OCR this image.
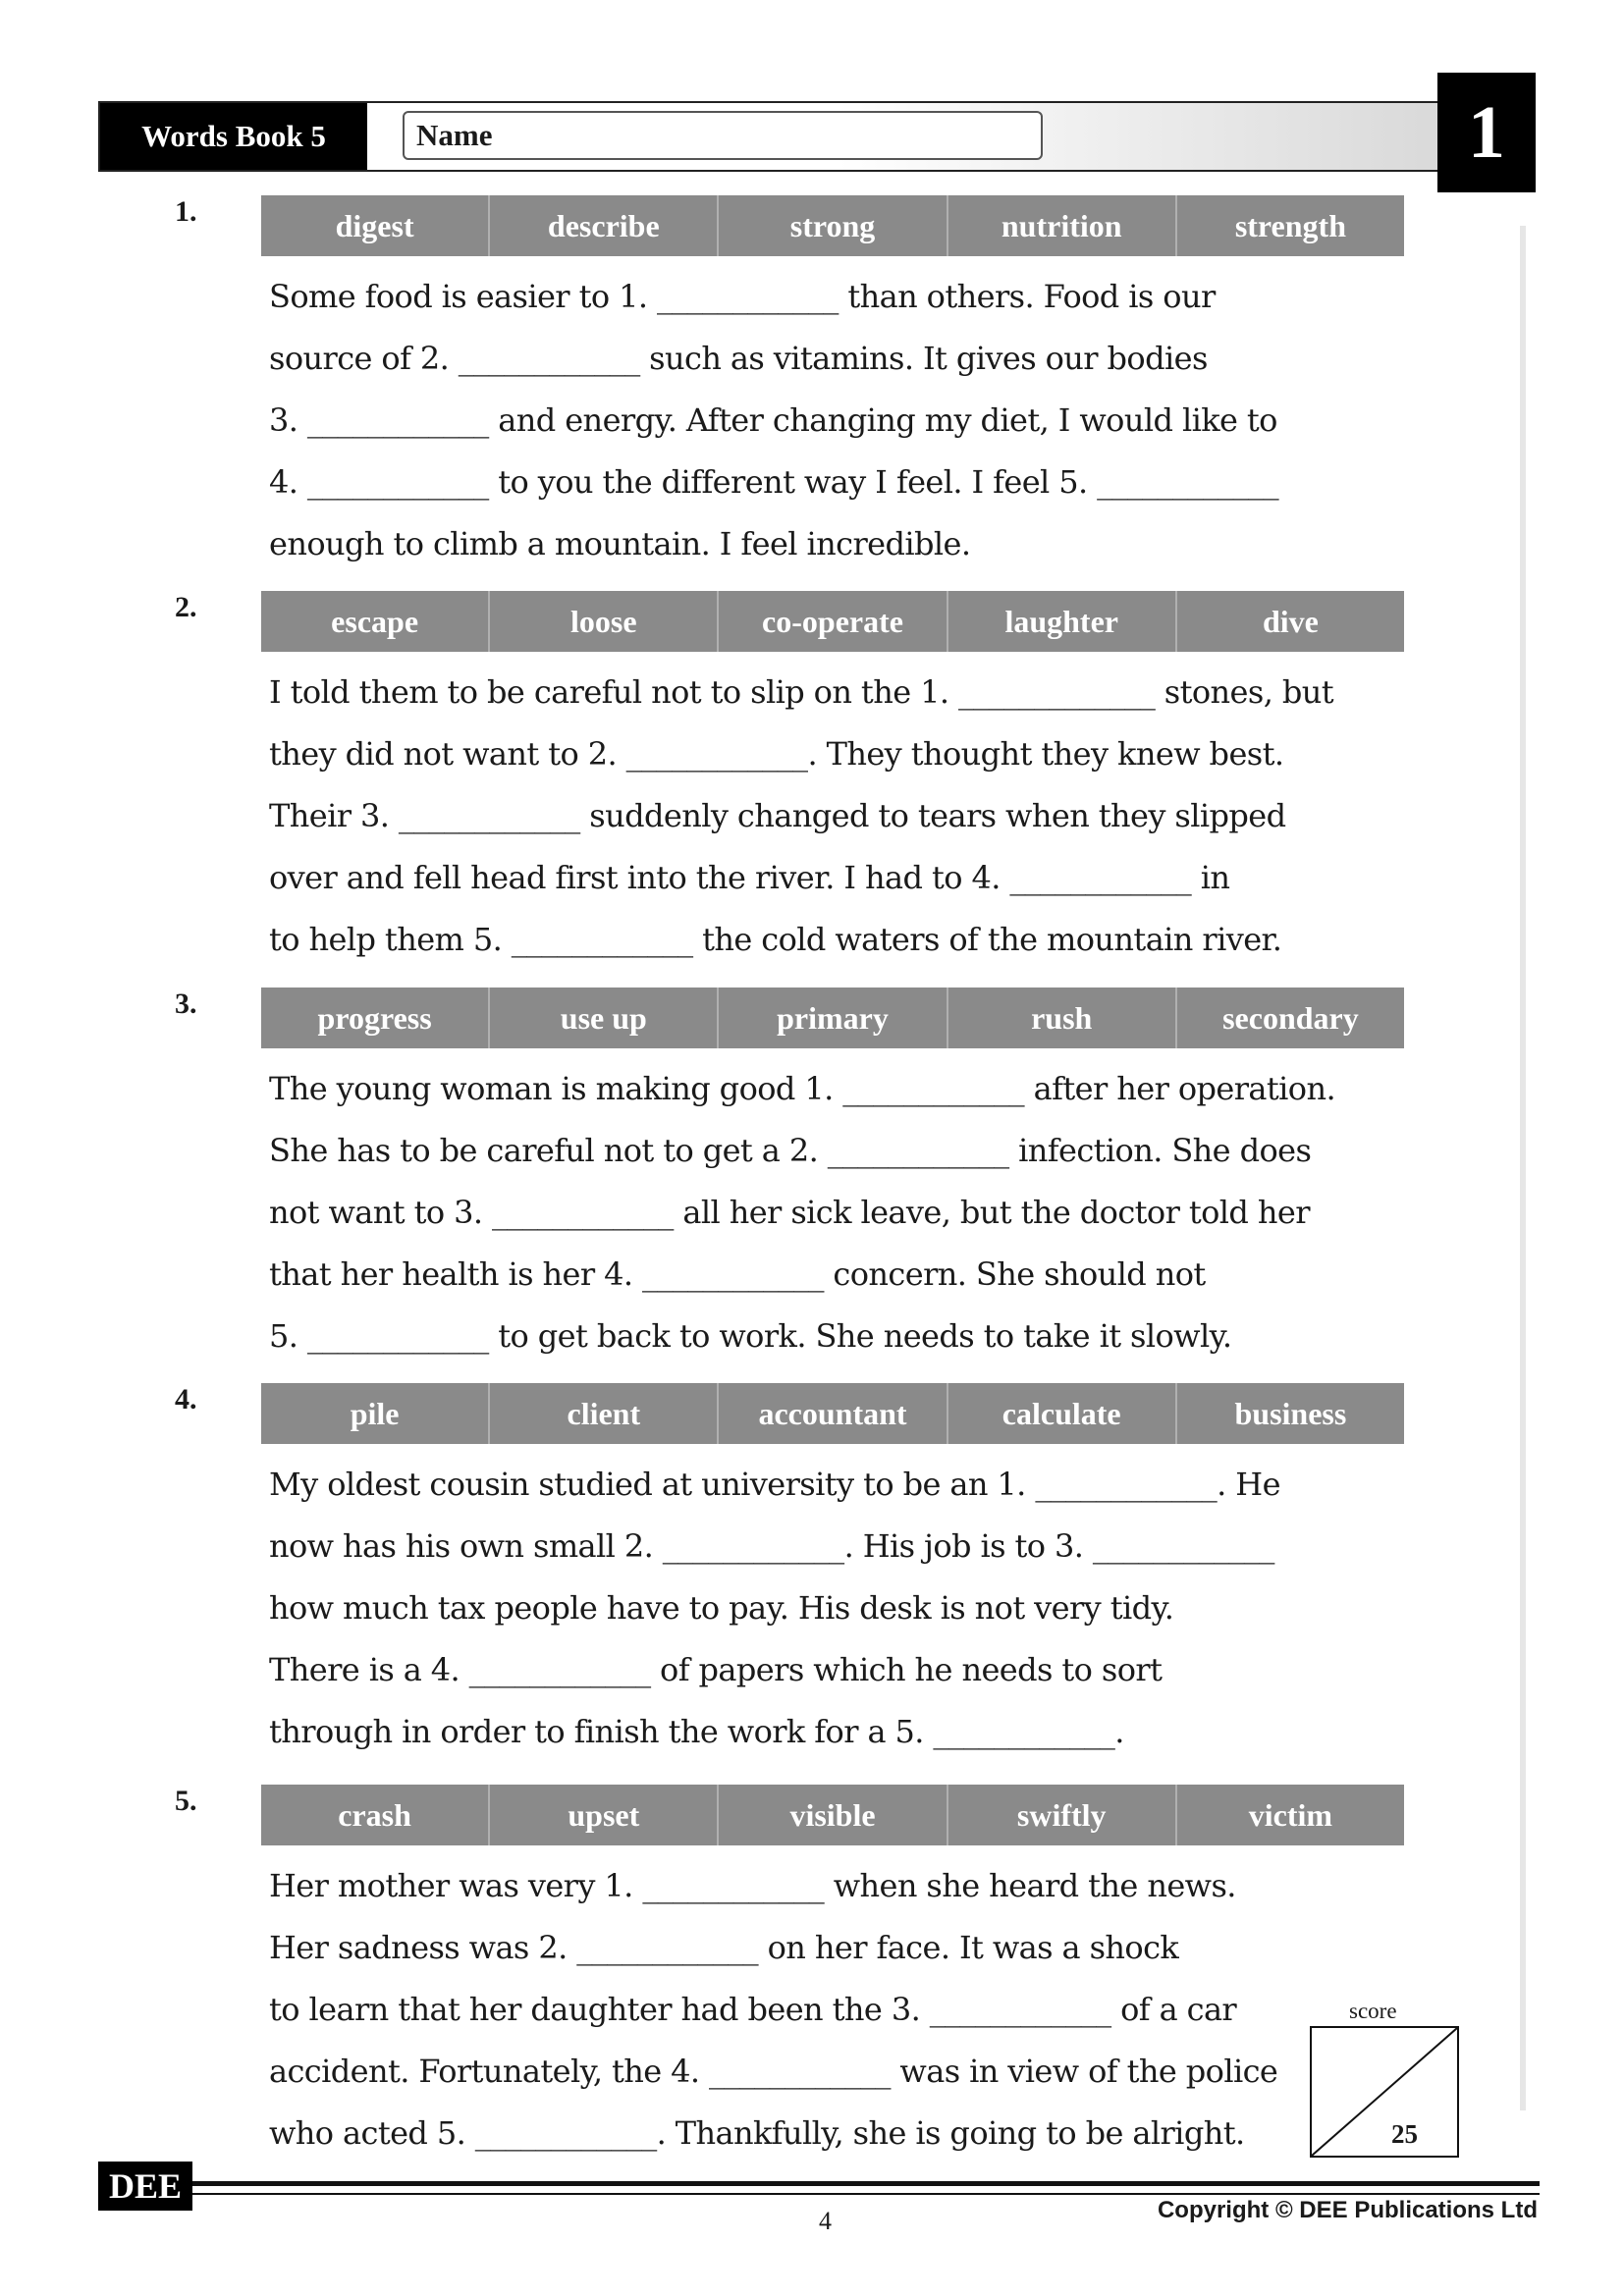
Words Book 5	Name	1
1.	digest	describe	strong	nutrition	strength
Some food is easier to 1. ____________ than others. Food is our
source of 2. ____________ such as vitamins. It gives our bodies
3. ____________ and energy. After changing my diet, I would like to
4. ____________ to you the different way I feel. I feel 5. ____________
enough to climb a mountain. I feel incredible.
2.	escape	loose	co-operate	laughter	dive
I told them to be careful not to slip on the 1. _____________ stones, but
they did not want to 2. ____________. They thought they knew best.
Their 3. ____________ suddenly changed to tears when they slipped
over and fell head first into the river. I had to 4. ____________ in
to help them 5. ____________ the cold waters of the mountain river.
3.	progress	use up	primary	rush	secondary
The young woman is making good 1. ____________ after her operation.
She has to be careful not to get a 2. ____________ infection. She does
not want to 3. ____________ all her sick leave, but the doctor told her
that her health is her 4. ____________ concern. She should not
5. ____________ to get back to work. She needs to take it slowly.
4.	pile	client	accountant	calculate	business
My oldest cousin studied at university to be an 1. ____________. He
now has his own small 2. ____________. His job is to 3. ____________
how much tax people have to pay. His desk is not very tidy.
There is a 4. ____________ of papers which he needs to sort
through in order to finish the work for a 5. ____________.
5.	crash	upset	visible	swiftly	victim
Her mother was very 1. ____________ when she heard the news.
Her sadness was 2. ____________ on her face. It was a shock
to learn that her daughter had been the 3. ____________ of a car
accident. Fortunately, the 4. ____________ was in view of the police
who acted 5. ____________. Thankfully, she is going to be alright.
score
25
DEE
4	Copyright © DEE Publications Ltd
